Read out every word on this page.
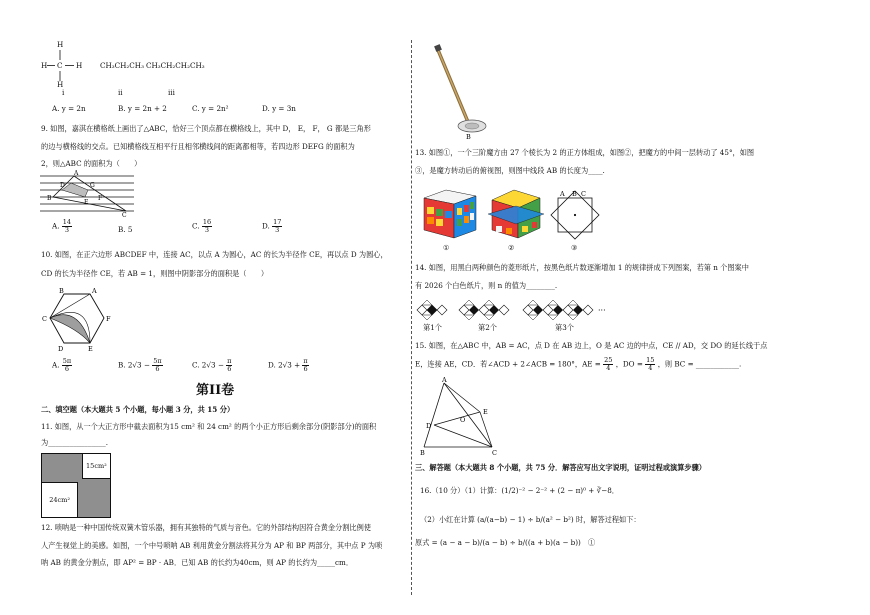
H
H C H
H
CH₃CH₂CH₃ CH₃CH₂CH₂CH₃
i	ii	iii
A. y = 2n	B. y = 2n + 2	C. y = 2n²	D. y = 3n
9. 如图，嘉淇在横格纸上画出了△ABC，恰好三个顶点都在横格线上，其中 D， E， F， G 都是三角形
的边与横格线的交点。已知横格线互相平行且相邻横线间的距离都相等，若四边形 DEFG 的面积为
2，则△ABC 的面积为（　　）
A
D	G
B
E
F
C
A. $\frac{14}{3}$	B. 5	C. $\frac{16}{3}$	D. $\frac{17}{3}$
10. 如图，在正六边形 ABCDEF 中，连接 AC，以点 A 为圆心，AC 的长为半径作 CE，再以点 D 为圆心，
CD 的长为半径作 CE，若 AB = 1，则图中阴影部分的面积是（　　）
B	A
C	F
D	E
A. $\frac{5\pi}{6}$	B. $2√3 - \frac{5\pi}{6}$	C. $2√3 - \frac{\pi}{6}$	D. $2√3 + \frac{\pi}{6}$
第II卷
二、填空题（本大题共 5 个小题，每小题 3 分，共 15 分）
11. 如图，从一个大正方形中截去面积为15 cm² 和 24 cm² 的两个小正方形后剩余部分(阴影部分)的面积
为________________.
15cm²
24cm²
12. 唢呐是一种中国传统双簧木管乐器，拥有其独特的气质与音色。它的外部结构因符合黄金分割比例使
人产生视觉上的美感。如图，一个中号唢呐 AB 利用黄金分割法将其分为 AP 和 BP 两部分，其中点 P 为唢
呐 AB 的黄金分割点，即 AP² = BP · AB．已知 AB 的长约为40cm，则 AP 的长约为_____cm．
B
13. 如图①，一个三阶魔方由 27 个棱长为 2 的正方体组成，如图②，把魔方的中间一层转动了 45°，如图
③，是魔方转动后的俯视图，则图中线段 AB 的长度为____.
①	②
A B C
③
14. 如图，用黑白两种颜色的菱形纸片，按黑色纸片数逐渐增加 1 的规律拼成下列图案，若第 n 个图案中
有 2026 个白色纸片，则 n 的值为________.
···
第1个	第2个	第3个
15. 如图，在△ABC 中，AB = AC，点 D 在 AB 边上，O 是 AC 边的中点，CE // AD，交 DO 的延长线于点
E，连接 AE，CD．若∠ACD + 2∠ACB = 180°，AE = $\frac{25}{4}$ ，DO = $\frac{15}{4}$ ，则 BC = ____________.
A
E
O
D
B	C
三、解答题（本大题共 8 个小题，共 75 分．解答应写出文字说明，证明过程或演算步骤）
16.（10 分）（1）计算：(1/2)⁻² − 2⁻² + (2 − π)⁰ + ∛−8．
（2）小红在计算 (a/(a−b) − 1) ÷ b/(a² − b²) 时，解答过程如下：
原式 = (a − a − b)/(a − b) ÷ b/((a + b)(a − b))　①
